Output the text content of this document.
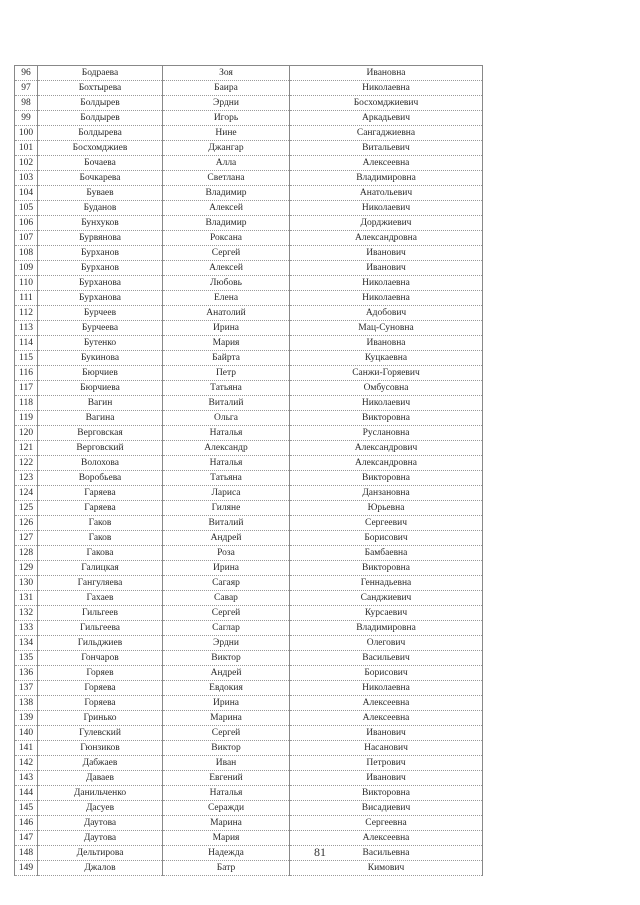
96	Бодраева	Зоя	Ивановна
97	Бохтырева	Баира	Николаевна
98	Болдырев	Эрдни	Босхомджиевич
99	Болдырев	Игорь	Аркадьевич
100	Болдырева	Нине	Сангаджиевна
101	Босхомджиев	Джангар	Витальевич
102	Бочаева	Алла	Алексеевна
103	Бочкарева	Светлана	Владимировна
104	Буваев	Владимир	Анатольевич
105	Буданов	Алексей	Николаевич
106	Бунхуков	Владимир	Дорджиевич
107	Бурвянова	Роксана	Александровна
108	Бурханов	Сергей	Иванович
109	Бурханов	Алексей	Иванович
110	Бурханова	Любовь	Николаевна
111	Бурханова	Елена	Николаевна
112	Бурчеев	Анатолий	Адобович
113	Бурчеева	Ирина	Мац-Суновна
114	Бутенко	Мария	Ивановна
115	Букинова	Байрта	Куцкаевна
116	Бюрчиев	Петр	Санжи-Горяевич
117	Бюрчиева	Татьяна	Омбусовна
118	Вагин	Виталий	Николаевич
119	Вагина	Ольга	Викторовна
120	Верговская	Наталья	Руслановна
121	Верговский	Александр	Александрович
122	Волохова	Наталья	Александровна
123	Воробьева	Татьяна	Викторовна
124	Гаряева	Лариса	Данзановна
125	Гаряева	Гиляне	Юрьевна
126	Гаков	Виталий	Сергеевич
127	Гаков	Андрей	Борисович
128	Гакова	Роза	Бамбаевна
129	Галицкая	Ирина	Викторовна
130	Гангуляева	Сагаяр	Геннадьевна
131	Гахаев	Савар	Санджиевич
132	Гильгеев	Сергей	Курсаевич
133	Гильгеева	Саглар	Владимировна
134	Гильджиев	Эрдни	Олегович
135	Гончаров	Виктор	Васильевич
136	Горяев	Андрей	Борисович
137	Горяева	Евдокия	Николаевна
138	Горяева	Ирина	Алексеевна
139	Гринько	Марина	Алексеевна
140	Гулевский	Сергей	Иванович
141	Гюнзиков	Виктор	Насанович
142	Дабжаев	Иван	Петрович
143	Даваев	Евгений	Иванович
144	Данильченко	Наталья	Викторовна
145	Дасуев	Серажди	Висадиевич
146	Даутова	Марина	Сергеевна
147	Даутова	Мария	Алексеевна
148	Дельтирова	Надежда	Васильевна
149	Джалов	Батр	Кимович
81
